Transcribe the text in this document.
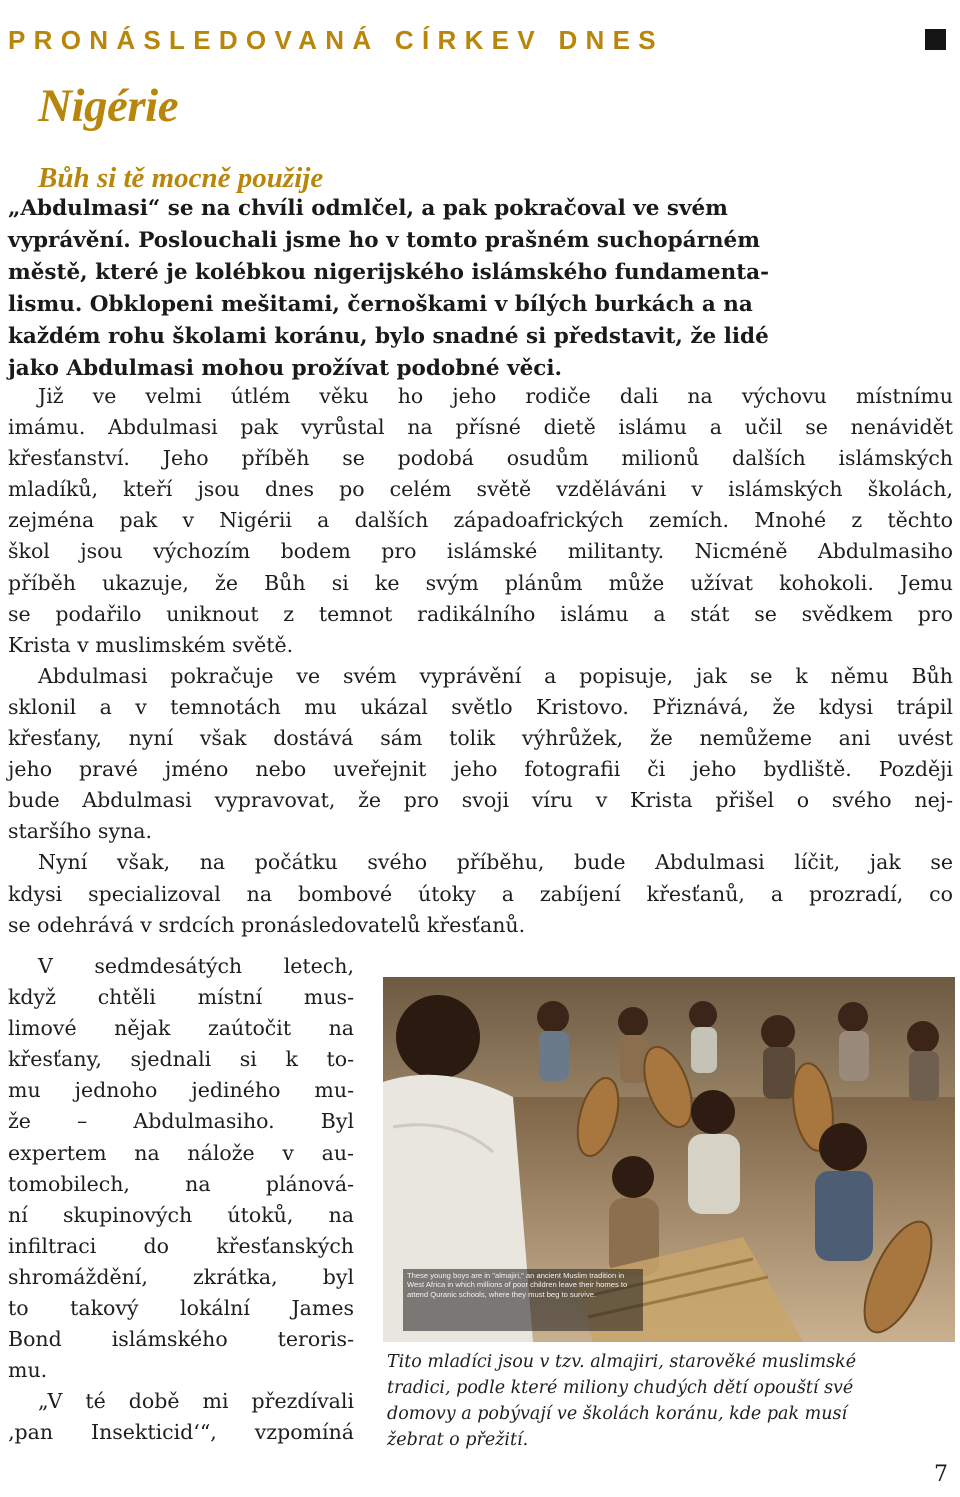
PRONÁSLEDOVANÁ CÍRKEV DNES
Nigérie
Bůh si tě mocně použije
„Abdulmasi“ se na chvíli odmlčel, a pak pokračoval ve svém
vyprávění. Poslouchali jsme ho v tomto prašném suchopárném
městě, které je kolébkou nigerijského islámského fundamenta-
lismu. Obklopeni mešitami, černoškami v bílých burkách a na
každém rohu školami koránu, bylo snadné si představit, že lidé
jako Abdulmasi mohou prožívat podobné věci.
Již ve velmi útlém věku ho jeho rodiče dali na výchovu místnímu
imámu. Abdulmasi pak vyrůstal na přísné dietě islámu a učil se nenávidět
křesťanství. Jeho příběh se podobá osudům milionů dalších islámských
mladíků, kteří jsou dnes po celém světě vzděláváni v islámských školách,
zejména pak v Nigérii a dalších západoafrických zemích. Mnohé z těchto
škol jsou výchozím bodem pro islámské militanty. Nicméně Abdulmasiho
příběh ukazuje, že Bůh si ke svým plánům může užívat kohokoli. Jemu
se podařilo uniknout z temnot radikálního islámu a stát se svědkem pro
Krista v muslimském světě.
Abdulmasi pokračuje ve svém vyprávění a popisuje, jak se k němu Bůh
sklonil a v temnotách mu ukázal světlo Kristovo. Přiznává, že kdysi trápil
křesťany, nyní však dostává sám tolik výhrůžek, že nemůžeme ani uvést
jeho pravé jméno nebo uveřejnit jeho fotografii či jeho bydliště. Později
bude Abdulmasi vypravovat, že pro svoji víru v Krista přišel o svého nej-
staršího syna.
Nyní však, na počátku svého příběhu, bude Abdulmasi líčit, jak se
kdysi specializoval na bombové útoky a zabíjení křesťanů, a prozradí, co
se odehrává v srdcích pronásledovatelů křesťanů.
V sedmdesátých letech,
když chtěli místní mus-
limové nějak zaútočit na
křesťany, sjednali si k to-
mu jednoho jediného mu-
že – Abdulmasiho. Byl
expertem na nálože v au-
tomobilech, na plánová-
ní skupinových útoků, na
infiltraci do křesťanských
shromáždění, zkrátka, byl
to takový lokální James
Bond islámského teroris-
mu.
„V té době mi přezdívali
‚pan Insekticid‘“, vzpomíná
These young boys are in "almajiri," an ancient Muslim tradition in West Africa in which millions of poor children leave their homes to attend Quranic schools, where they must beg to survive.
Tito mladíci jsou v tzv. almajiri, starověké muslimské
tradici, podle které miliony chudých dětí opouští své
domovy a pobývají ve školách koránu, kde pak musí
žebrat o přežití.
7
